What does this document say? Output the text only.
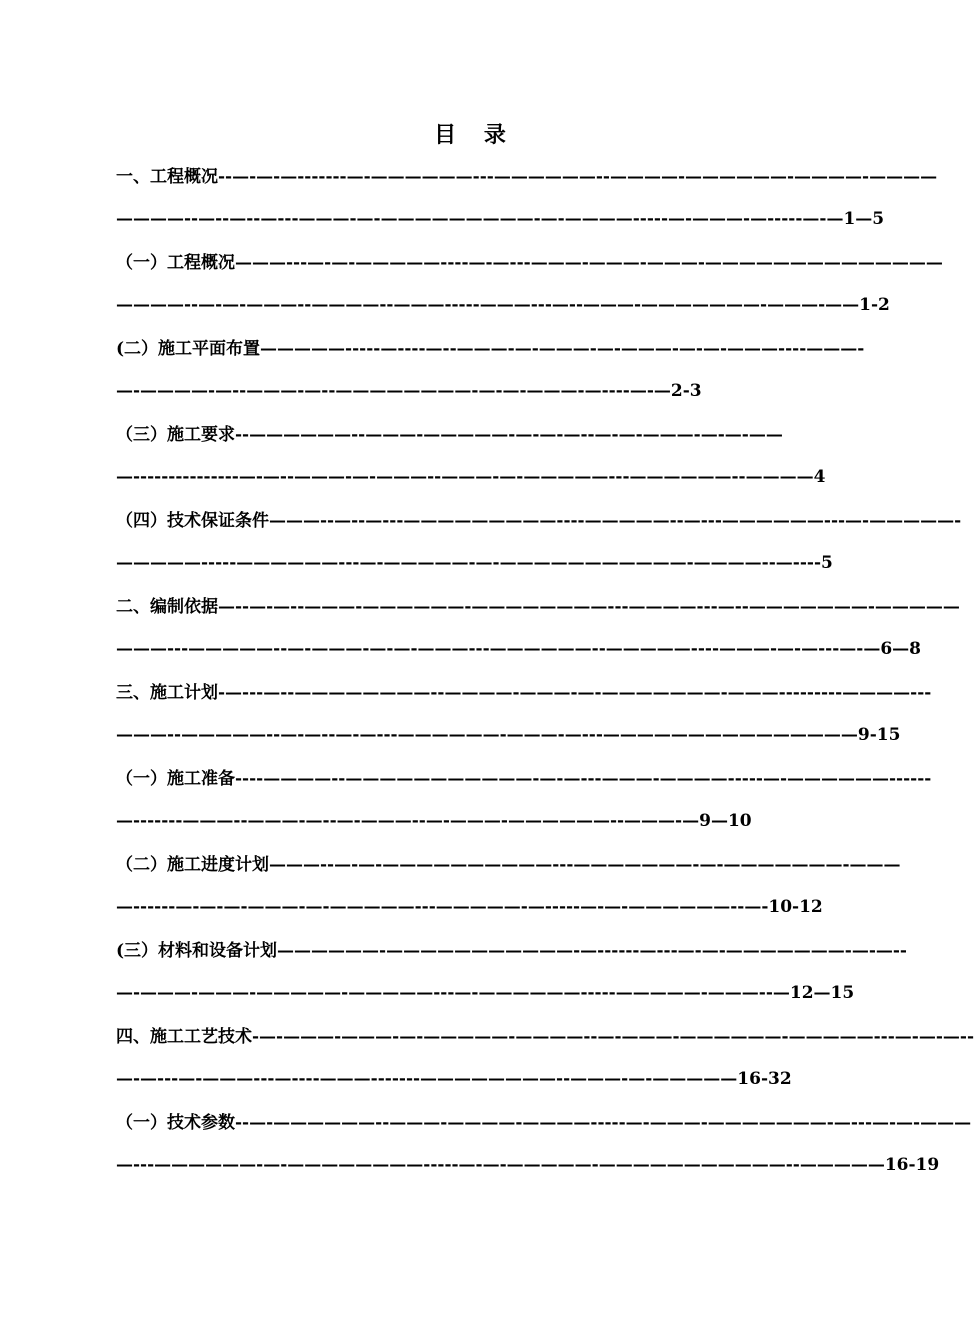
目 录
一、工程概况--—-—-—-------—-——————---——————--————-——————-————-————
————--—--—--—---———-—-—————————-—-————-----—-———-—-----—-—1—5
（一）工程概况———---—-—-—————----—-—---———-———-———-——————————————
————--—-—-———--————--———-----———---—--———-———————-———-——1-2
(二）施工平面布置—————-----—----—--———-—-———-—-———-—-—-———----———-
—-————-—--———-—--————————-—-—-———-—----—-—2-3
（三）施工要求--——————--———-—————-—-—-—--—-—-———-—-—-——
—---------------—-—--———-—-———--———-—-—————---——————--————4
（四）技术保证条件———--—--—---—————————----—————--—---——————---—-—————-
—————-----——————---—-—————-—-———————————-————--—----5
二、编制依据—--—-—--———-——————-————————---————---—--———————-—————
———---—————--—-———-—-—-———---——————--—————----———-—-—---—-—6—8
三、施工计划-—---—--————————--————-———-—-———————-———---------————---
———--—————--—-—--—-—---——————-———-—---———————————————9-15
（一）施工准备----————--———————————-—-—---———-————-----—-——————------
—-------———--———-—--—-———--—-———-——————--———-—9—10
（二）施工进度计划———--—-—-——————————---———————-—-———————-———
—------—-—-—-———-—-—————---—————-—-----—-—-——————--—-10-12
(三）材料和设备计划——————-———————————-—------—---—-—-———————-—-—--
—-———-———-—————-—————---—-——————-----—————-———--—12—15
四、施工工艺技术-—-———-———-—-—————-————--—-———-——————-—————---—-—-—--
—-—---—-———---—----———-------————————--———-—-—————16-32
（一）技术参数--—-——————--———-————-————-----—-———-———————-—---—-—-———
—---——————-—-————————-----—-—-—————-———————————--—————16-19
